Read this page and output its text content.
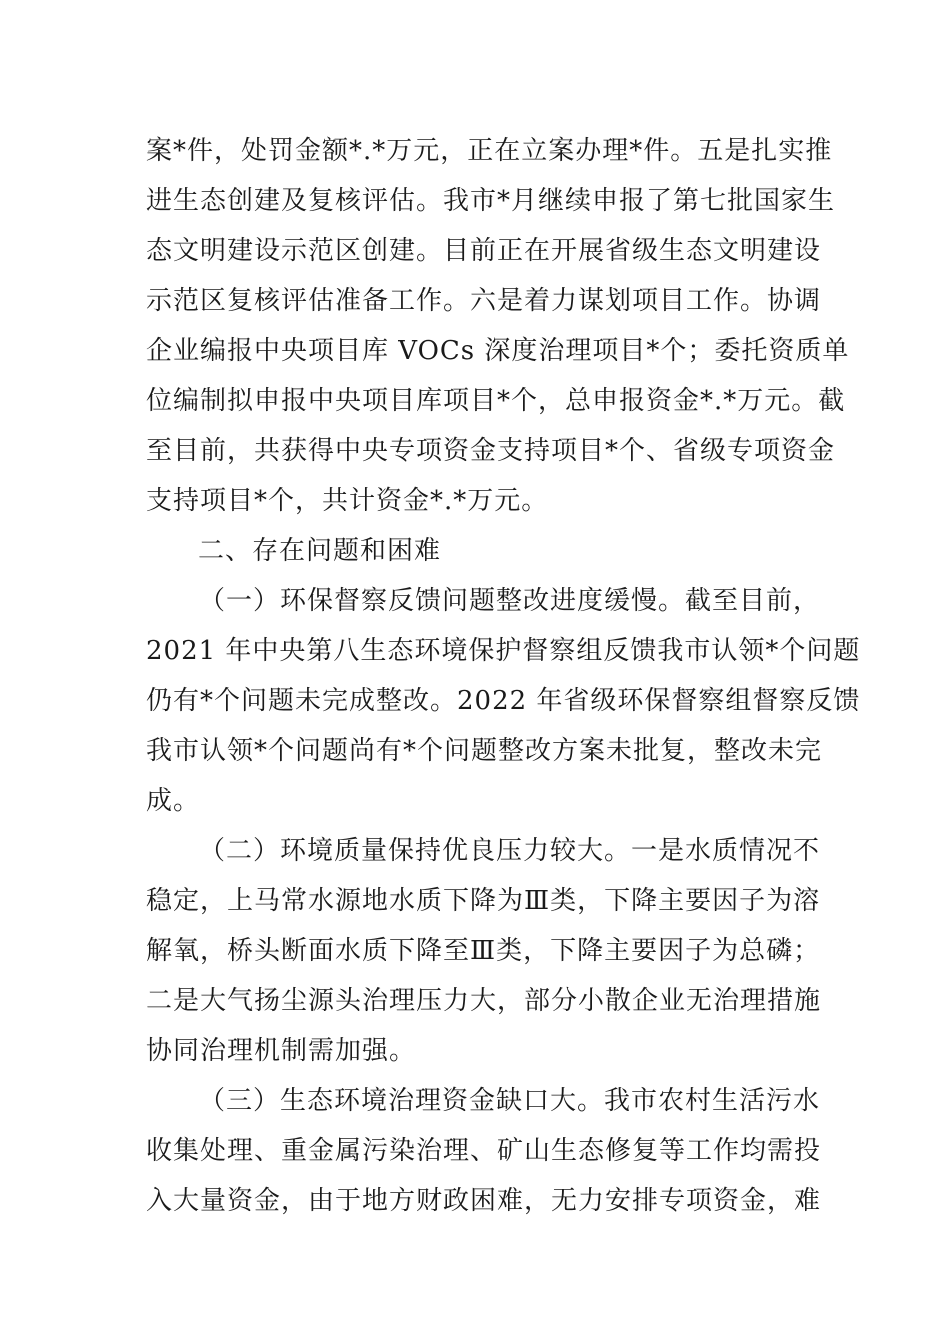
案*件，处罚金额*.*万元，正在立案办理*件。五是扎实推
进生态创建及复核评估。我市*月继续申报了第七批国家生
态文明建设示范区创建。目前正在开展省级生态文明建设
示范区复核评估准备工作。六是着力谋划项目工作。协调
企业编报中央项目库 VOCs 深度治理项目*个；委托资质单
位编制拟申报中央项目库项目*个，总申报资金*.*万元。截
至目前，共获得中央专项资金支持项目*个、省级专项资金
支持项目*个，共计资金*.*万元。
二、存在问题和困难
（一）环保督察反馈问题整改进度缓慢。截至目前，
2021 年中央第八生态环境保护督察组反馈我市认领*个问题
仍有*个问题未完成整改。2022 年省级环保督察组督察反馈
我市认领*个问题尚有*个问题整改方案未批复，整改未完
成。
（二）环境质量保持优良压力较大。一是水质情况不
稳定，上马常水源地水质下降为Ⅲ类，下降主要因子为溶
解氧，桥头断面水质下降至Ⅲ类，下降主要因子为总磷；
二是大气扬尘源头治理压力大，部分小散企业无治理措施
协同治理机制需加强。
（三）生态环境治理资金缺口大。我市农村生活污水
收集处理、重金属污染治理、矿山生态修复等工作均需投
入大量资金，由于地方财政困难，无力安排专项资金，难
